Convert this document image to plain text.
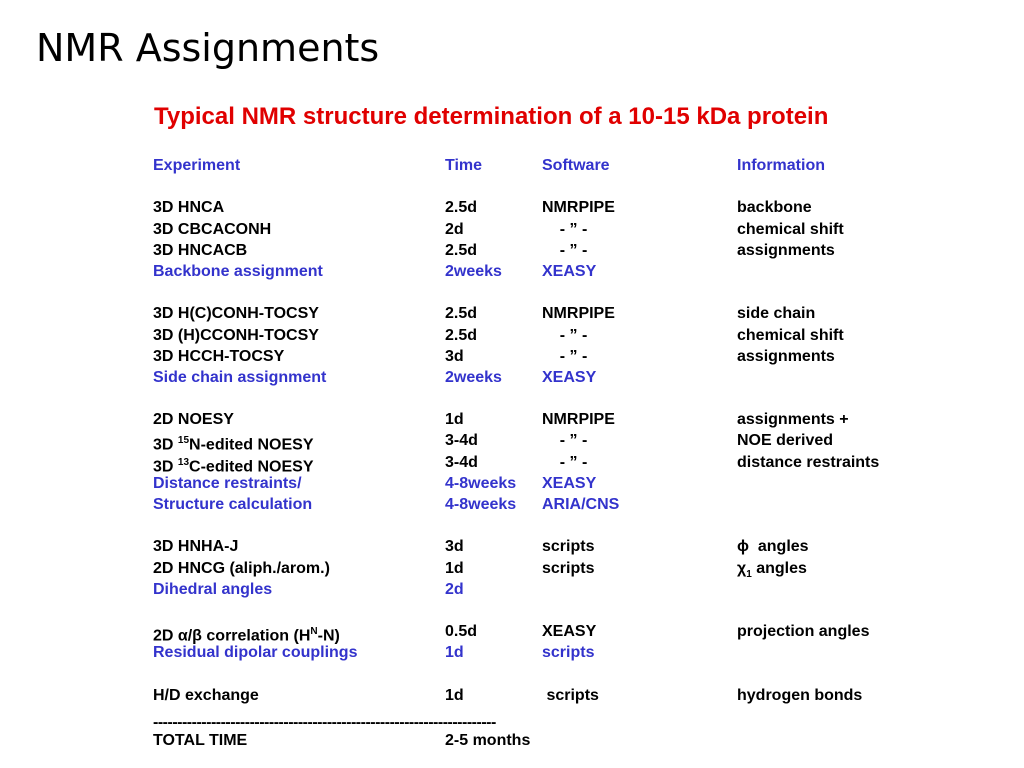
NMR Assignments
Typical NMR structure determination of a 10-15 kDa protein
Experiment	Time	Software	Information
3D HNCA	2.5d	NMRPIPE	backbone
3D CBCACONH	2d	- ” -	chemical shift
3D HNCACB	2.5d	- ” -	assignments
Backbone assignment	2weeks	XEASY
3D H(C)CONH-TOCSY	2.5d	NMRPIPE	side chain
3D (H)CCONH-TOCSY	2.5d	- ” -	chemical shift
3D HCCH-TOCSY	3d	- ” -	assignments
Side chain assignment	2weeks	XEASY
2D NOESY	1d	NMRPIPE	assignments +
3D $^{15}$N-edited NOESY	3-4d	- ” -	NOE derived
3D $^{13}$C-edited NOESY	3-4d	- ” -	distance restraints
Distance restraints/	4-8weeks XEASY
Structure calculation	4-8weeks ARIA/CNS
3D HNHA-J	3d	scripts	ϕ  angles
2D HNCG (aliph./arom.)	1d	scripts	$\chi_1$ angles
Dihedral angles	2d
2D α/β correlation $(H^N-N)$	0.5d	XEASY	projection angles
Residual dipolar couplings	1d	scripts
H/D exchange	1d	scripts	hydrogen bonds
-----------------------------------------------------------------------
TOTAL TIME	2-5 months
